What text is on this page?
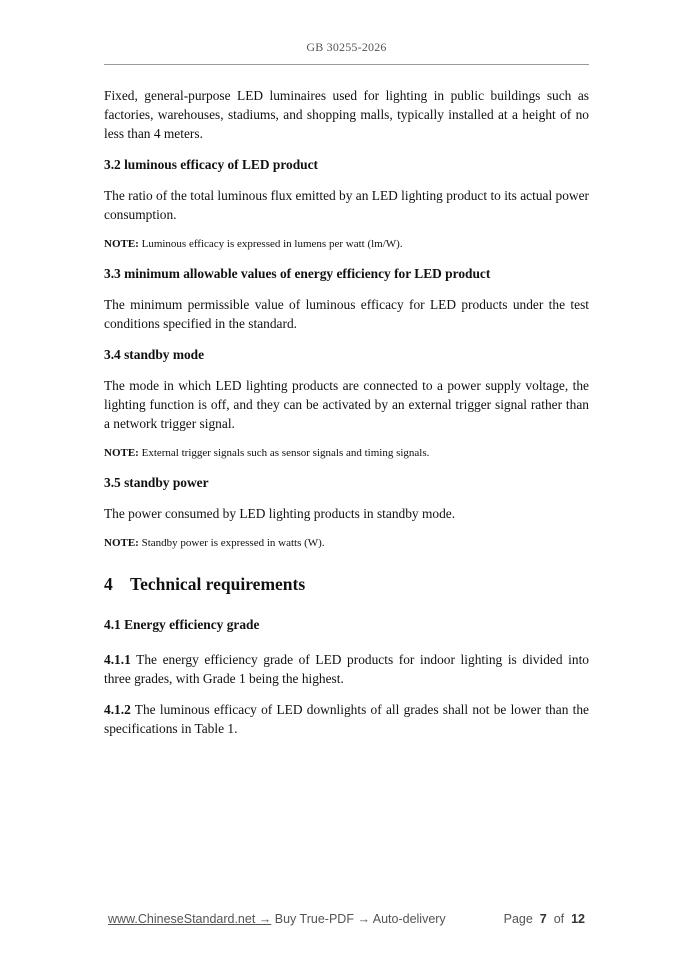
GB 30255-2026

Fixed, general-purpose LED luminaires used for lighting in public buildings such as factories, warehouses, stadiums, and shopping malls, typically installed at a height of no less than 4 meters.

3.2 luminous efficacy of LED product

The ratio of the total luminous flux emitted by an LED lighting product to its actual power consumption.

NOTE: Luminous efficacy is expressed in lumens per watt (lm/W).

3.3 minimum allowable values of energy efficiency for LED product

The minimum permissible value of luminous efficacy for LED products under the test conditions specified in the standard.

3.4 standby mode

The mode in which LED lighting products are connected to a power supply voltage, the lighting function is off, and they can be activated by an external trigger signal rather than a network trigger signal.

NOTE: External trigger signals such as sensor signals and timing signals.

3.5 standby power

The power consumed by LED lighting products in standby mode.

NOTE: Standby power is expressed in watts (W).

4 Technical requirements
4.1 Energy efficiency grade

4.1.1 The energy efficiency grade of LED products for indoor lighting is divided into three grades, with Grade 1 being the highest.

4.1.2 The luminous efficacy of LED downlights of all grades shall not be lower than the specifications in Table 1.

www.ChineseStandard.net → Buy True-PDF → Auto-delivery	Page 7 of 12
